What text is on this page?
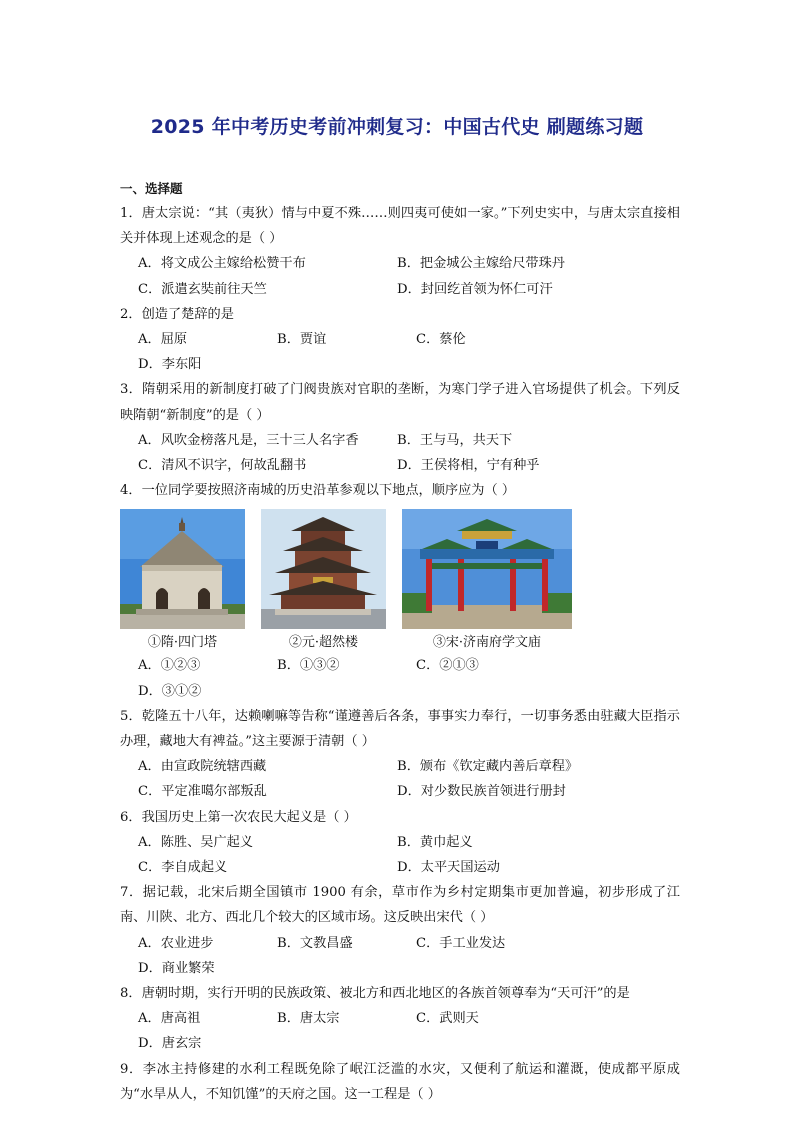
2025 年中考历史考前冲刺复习：中国古代史 刷题练习题
一、选择题
1．唐太宗说：“其（夷狄）情与中夏不殊……则四夷可使如一家。”下列史实中，与唐太宗直接相关并体现上述观念的是（ ）
A．将文成公主嫁给松赞干布	B．把金城公主嫁给尺带珠丹
C．派遣玄奘前往天竺	D．封回纥首领为怀仁可汗
2．创造了楚辞的是
A．屈原	B．贾谊	C．蔡伦
D．李东阳
3．隋朝采用的新制度打破了门阀贵族对官职的垄断，为寒门学子进入官场提供了机会。下列反映隋朝“新制度”的是（ ）
A．风吹金榜落凡是，三十三人名字香	B．王与马，共天下
C．清风不识字，何故乱翻书	D．王侯将相，宁有种乎
4．一位同学要按照济南城的历史沿革参观以下地点，顺序应为（ ）
①隋·四门塔	②元·超然楼	③宋·济南府学文庙
A．①②③	B．①③②	C．②①③
D．③①②
5．乾隆五十八年，达赖喇嘛等告称“谨遵善后各条，事事实力奉行，一切事务悉由驻藏大臣指示办理，藏地大有裨益。”这主要源于清朝（ ）
A．由宣政院统辖西藏	B．颁布《钦定藏内善后章程》
C．平定准噶尔部叛乱	D．对少数民族首领进行册封
6．我国历史上第一次农民大起义是（ ）
A．陈胜、吴广起义	B．黄巾起义
C．李自成起义	D．太平天国运动
7．据记载，北宋后期全国镇市 1900 有余，草市作为乡村定期集市更加普遍，初步形成了江南、川陕、北方、西北几个较大的区域市场。这反映出宋代（ ）
A．农业进步	B．文教昌盛	C．手工业发达
D．商业繁荣
8．唐朝时期，实行开明的民族政策、被北方和西北地区的各族首领尊奉为“天可汗”的是
A．唐高祖	B．唐太宗	C．武则天
D．唐玄宗
9．李冰主持修建的水利工程既免除了岷江泛滥的水灾，又便利了航运和灌溉，使成都平原成为“水旱从人，不知饥馑”的天府之国。这一工程是（ ）
